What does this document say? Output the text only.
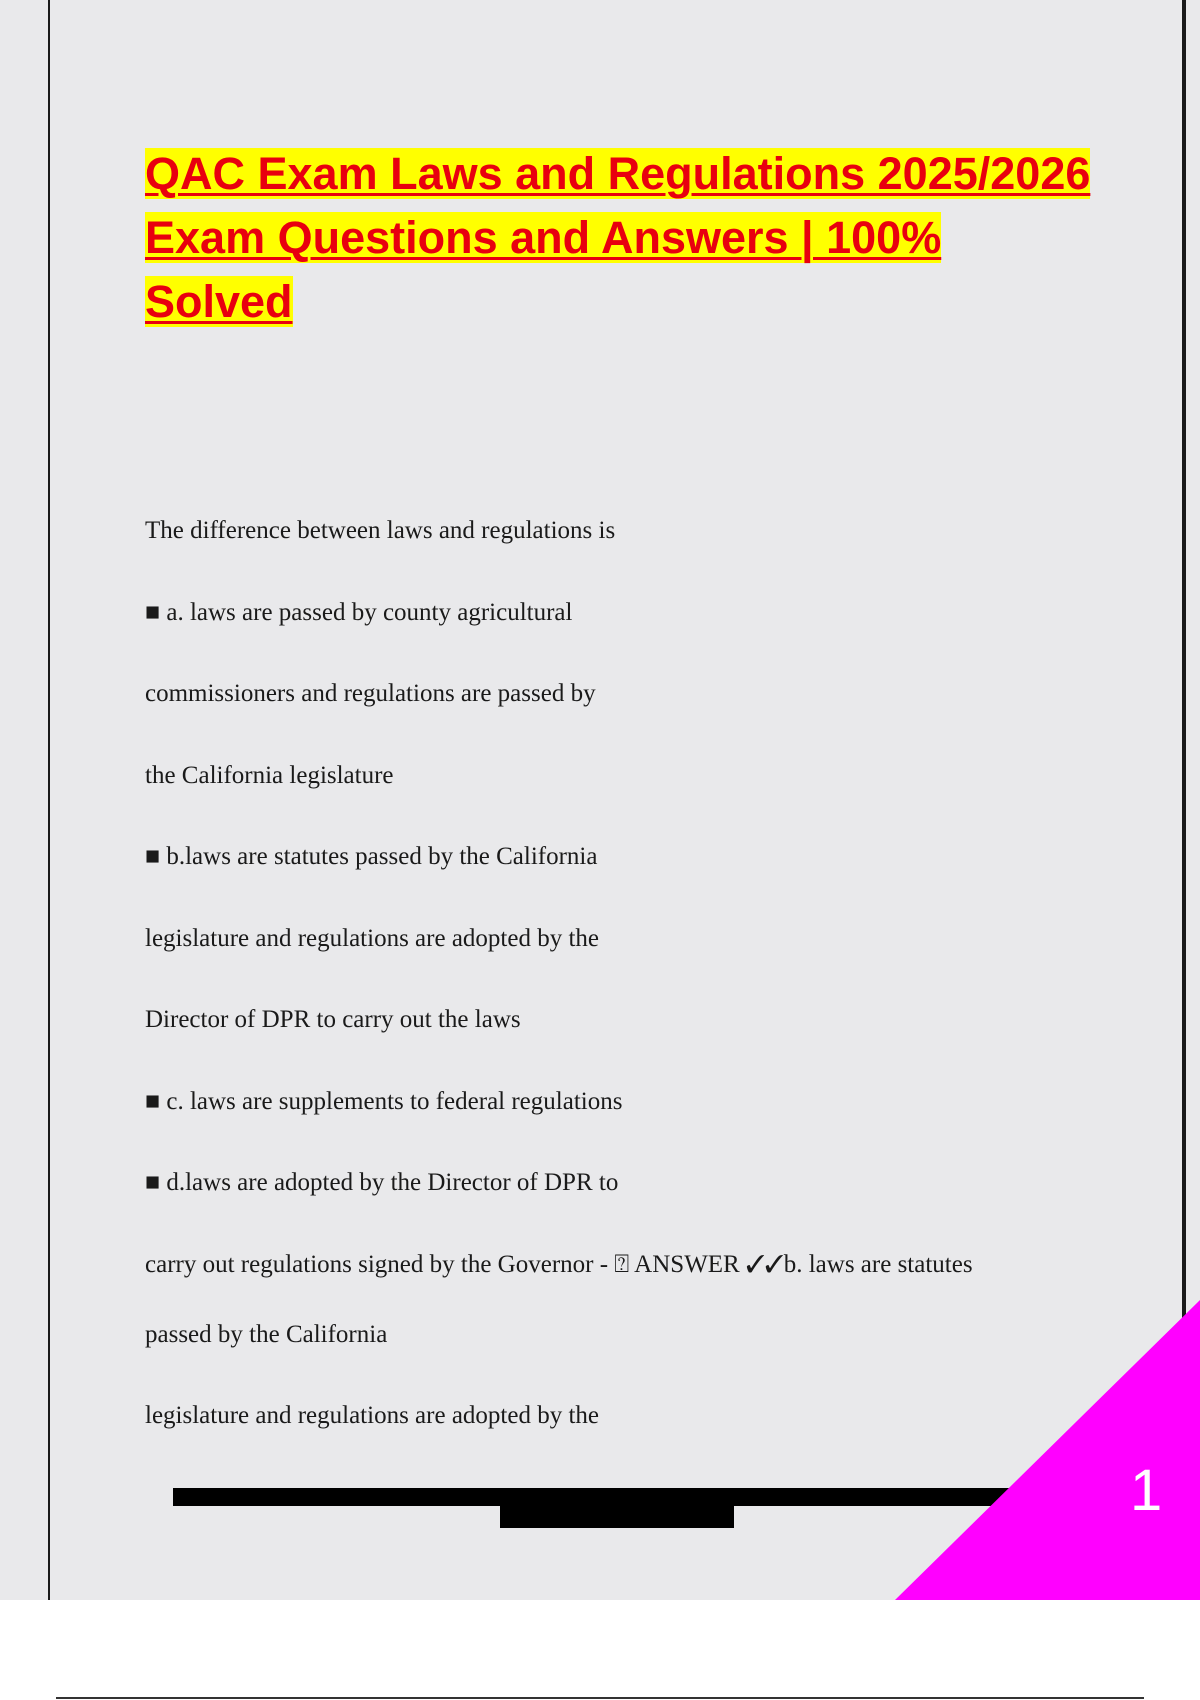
QAC Exam Laws and Regulations 2025/2026 Exam Questions and Answers | 100% Solved
The difference between laws and regulations is
■ a. laws are passed by county agricultural
commissioners and regulations are passed by
the California legislature
■ b.laws are statutes passed by the California
legislature and regulations are adopted by the
Director of DPR to carry out the laws
■ c. laws are supplements to federal regulations
■ d.laws are adopted by the Director of DPR to
carry out regulations signed by the Governor - ⍰ ANSWER ✓✓b. laws are statutes
passed by the California
legislature and regulations are adopted by the
1
